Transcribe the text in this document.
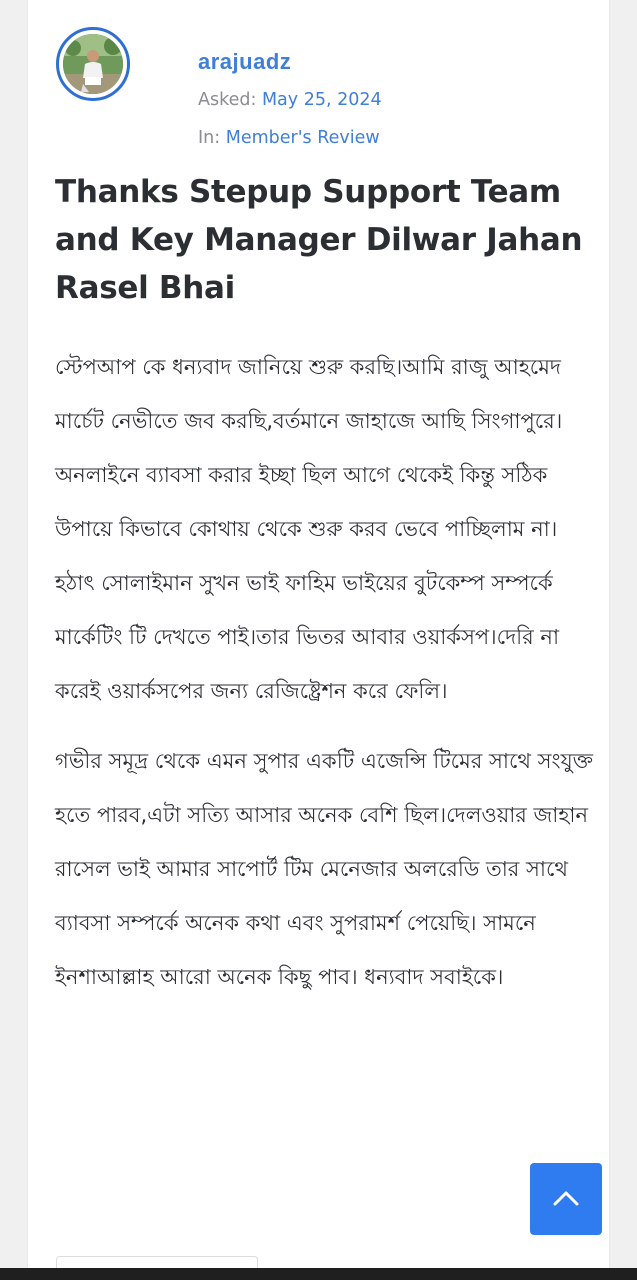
arajuadz
Asked: May 25, 2024
In: Member's Review
Thanks Stepup Support Team and Key Manager Dilwar Jahan Rasel Bhai

স্টেপআপ কে ধন্যবাদ জানিয়ে শুরু করছি।আমি রাজু আহমেদ মার্চেট নেভীতে জব করছি,বর্তমানে জাহাজে আছি সিংগাপুরে।অনলাইনে ব্যাবসা করার ইচ্ছা ছিল আগে থেকেই কিন্তু সঠিক উপায়ে কিভাবে কোথায় থেকে শুরু করব ভেবে পাচ্ছিলাম না। হঠাৎ সোলাইমান সুখন ভাই ফাহিম ভাইয়ের বুটকেম্প সম্পর্কে মার্কেটিং টি দেখতে পাই।তার ভিতর আবার ওয়ার্কসপ।দেরি না করেই ওয়ার্কসপের জন্য রেজিষ্ট্রেশন করে ফেলি।

গভীর সমূদ্র থেকে এমন সুপার একটি এজেন্সি টিমের সাথে সংযুক্ত হতে পারব,এটা সত্যি আসার অনেক বেশি ছিল।দেলওয়ার জাহান রাসেল ভাই আমার সাপোর্ট টিম মেনেজার অলরেডি তার সাথে ব্যাবসা সম্পর্কে অনেক কথা এবং সুপরামর্শ পেয়েছি। সামনে ইনশাআল্লাহ আরো অনেক কিছু পাব। ধন্যবাদ সবাইকে।
